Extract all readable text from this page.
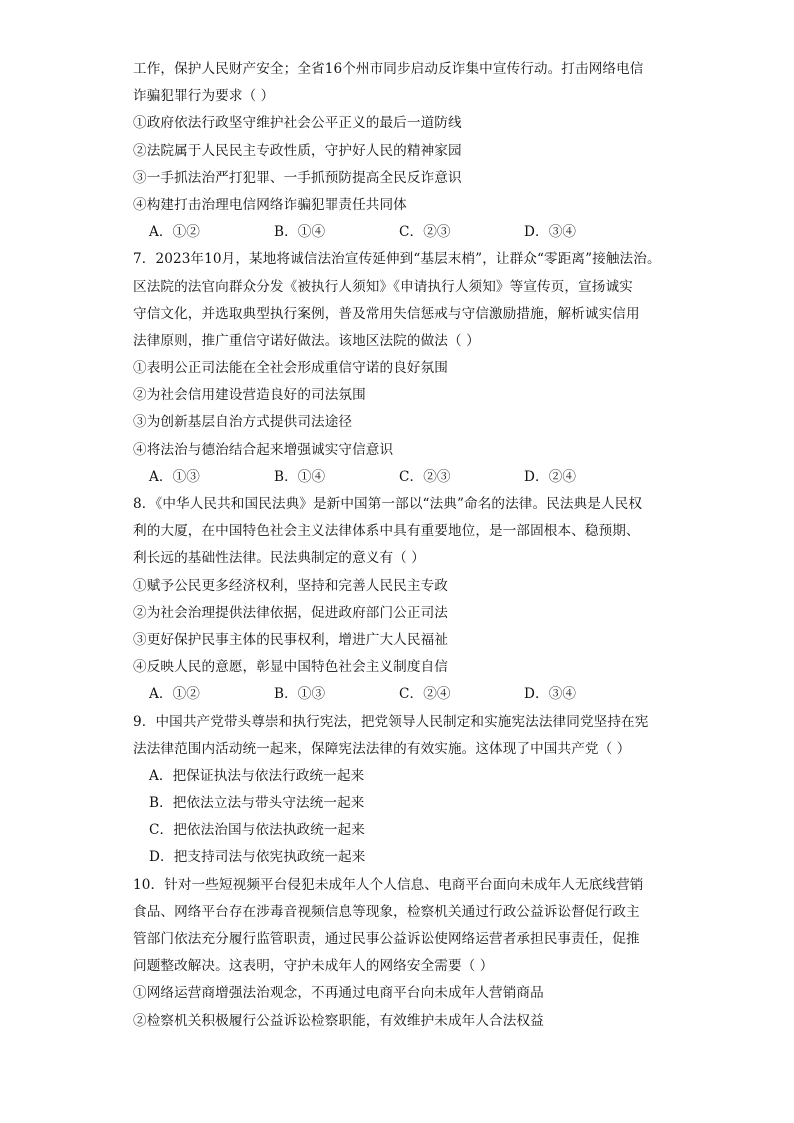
工作，保护人民财产安全；全省16个州市同步启动反诈集中宣传行动。打击网络电信
诈骗犯罪行为要求（ ）
①政府依法行政坚守维护社会公平正义的最后一道防线
②法院属于人民民主专政性质，守护好人民的精神家园
③一手抓法治严打犯罪、一手抓预防提高全民反诈意识
④构建打击治理电信网络诈骗犯罪责任共同体
A．①②	B．①④	C．②③	D．③④
7．2023年10月，某地将诚信法治宣传延伸到“基层末梢”，让群众“零距离”接触法治。
区法院的法官向群众分发《被执行人须知》《申请执行人须知》等宣传页，宣扬诚实
守信文化，并选取典型执行案例，普及常用失信惩戒与守信激励措施，解析诚实信用
法律原则，推广重信守诺好做法。该地区法院的做法（ ）
①表明公正司法能在全社会形成重信守诺的良好氛围
②为社会信用建设营造良好的司法氛围
③为创新基层自治方式提供司法途径
④将法治与德治结合起来增强诚实守信意识
A．①③	B．①④	C．②③	D．②④
8．《中华人民共和国民法典》是新中国第一部以“法典”命名的法律。民法典是人民权
利的大厦，在中国特色社会主义法律体系中具有重要地位，是一部固根本、稳预期、
利长远的基础性法律。民法典制定的意义有（ ）
①赋予公民更多经济权利，坚持和完善人民民主专政
②为社会治理提供法律依据，促进政府部门公正司法
③更好保护民事主体的民事权利，增进广大人民福祉
④反映人民的意愿，彰显中国特色社会主义制度自信
A．①②	B．①③	C．②④	D．③④
9．中国共产党带头尊崇和执行宪法，把党领导人民制定和实施宪法法律同党坚持在宪
法法律范围内活动统一起来，保障宪法法律的有效实施。这体现了中国共产党（ ）
A．把保证执法与依法行政统一起来
B．把依法立法与带头守法统一起来
C．把依法治国与依法执政统一起来
D．把支持司法与依宪执政统一起来
10．针对一些短视频平台侵犯未成年人个人信息、电商平台面向未成年人无底线营销
食品、网络平台存在涉毒音视频信息等现象，检察机关通过行政公益诉讼督促行政主
管部门依法充分履行监管职责，通过民事公益诉讼使网络运营者承担民事责任，促推
问题整改解决。这表明，守护未成年人的网络安全需要（ ）
①网络运营商增强法治观念，不再通过电商平台向未成年人营销商品
②检察机关积极履行公益诉讼检察职能，有效维护未成年人合法权益
